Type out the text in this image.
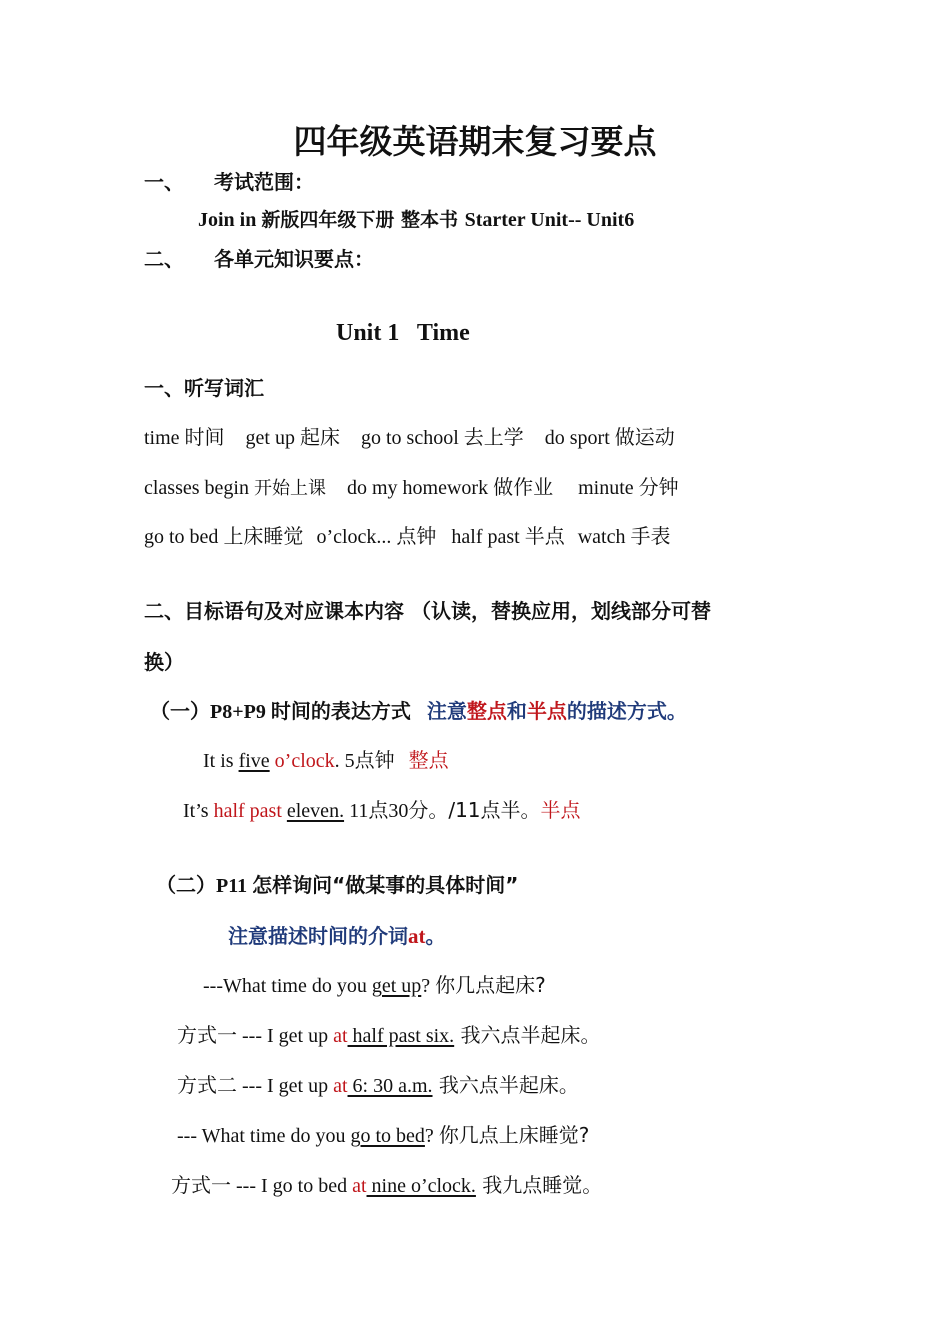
四年级英语期末复习要点
一、 考试范围：
Join in 新版四年级下册 整本书 Starter Unit-- Unit6
二、 各单元知识要点：
Unit 1   Time
一、听写词汇
time 时间 get up 起床 go to school 去上学 do sport 做运动
classes begin 开始上课 do my homework 做作业 minute 分钟
go to bed 上床睡觉 o’clock... 点钟 half past 半点 watch 手表
二、目标语句及对应课本内容 （认读，替换应用，划线部分可替
换）
（一）P8+P9 时间的表达方式 注意整点和半点的描述方式。
It is five o’clock. 5点钟 整点
It’s half past eleven. 11点30分。/11点半。半点
（二）P11 怎样询问“做某事的具体时间”
注意描述时间的介词at。
---What time do you get up? 你几点起床?
方式一 --- I get up at half past six. 我六点半起床。
方式二 --- I get up at 6: 30 a.m. 我六点半起床。
--- What time do you go to bed? 你几点上床睡觉?
方式一 --- I go to bed at nine o’clock. 我九点睡觉。
